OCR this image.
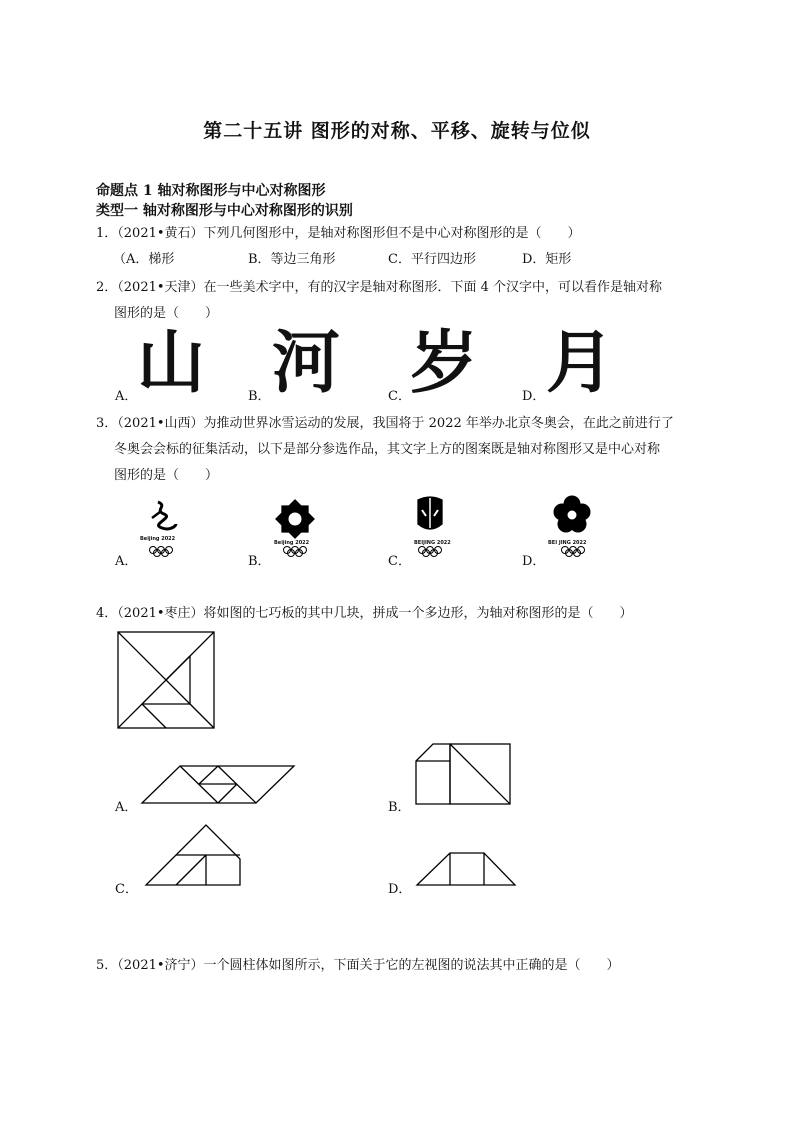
第二十五讲 图形的对称、平移、旋转与位似
命题点 1 轴对称图形与中心对称图形
类型一 轴对称图形与中心对称图形的识别
1．（2021•黄石）下列几何图形中，是轴对称图形但不是中心对称图形的是（　　）
（A．梯形	B．等边三角形	C．平行四边形	D．矩形
2．（2021•天津）在一些美术字中，有的汉字是轴对称图形．下面 4 个汉字中，可以看作是轴对称
图形的是（　　）
A． 山	B． 河	C． 岁	D． 月
3．（2021•山西）为推动世界冰雪运动的发展，我国将于 2022 年举办北京冬奥会，在此之前进行了
冬奥会会标的征集活动，以下是部分参选作品，其文字上方的图案既是轴对称图形又是中心对称
图形的是（　　）
A．	B．	C．	D．
Beijing 2022
Beijing 2022	BEIJING 2022	BEI JING 2022
4．（2021•枣庄）将如图的七巧板的其中几块，拼成一个多边形，为轴对称图形的是（　　）
A．	B．
C．	D．
5．（2021•济宁）一个圆柱体如图所示，下面关于它的左视图的说法其中正确的是（　　）
